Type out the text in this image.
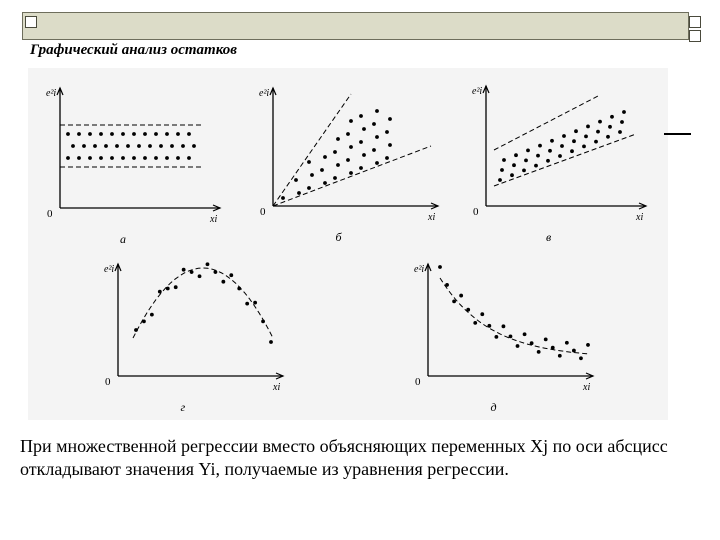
Графический анализ остатков
e²i
xi
0
а
e²i
xi
0
б
e²i
xi
0
в
e²i
xi
0
г
e²i
xi
0
д
При множественной регрессии вместо объясняющих переменных Xj по оси абсцисс откладывают значения Yi, получаемые из уравнения регрессии.
